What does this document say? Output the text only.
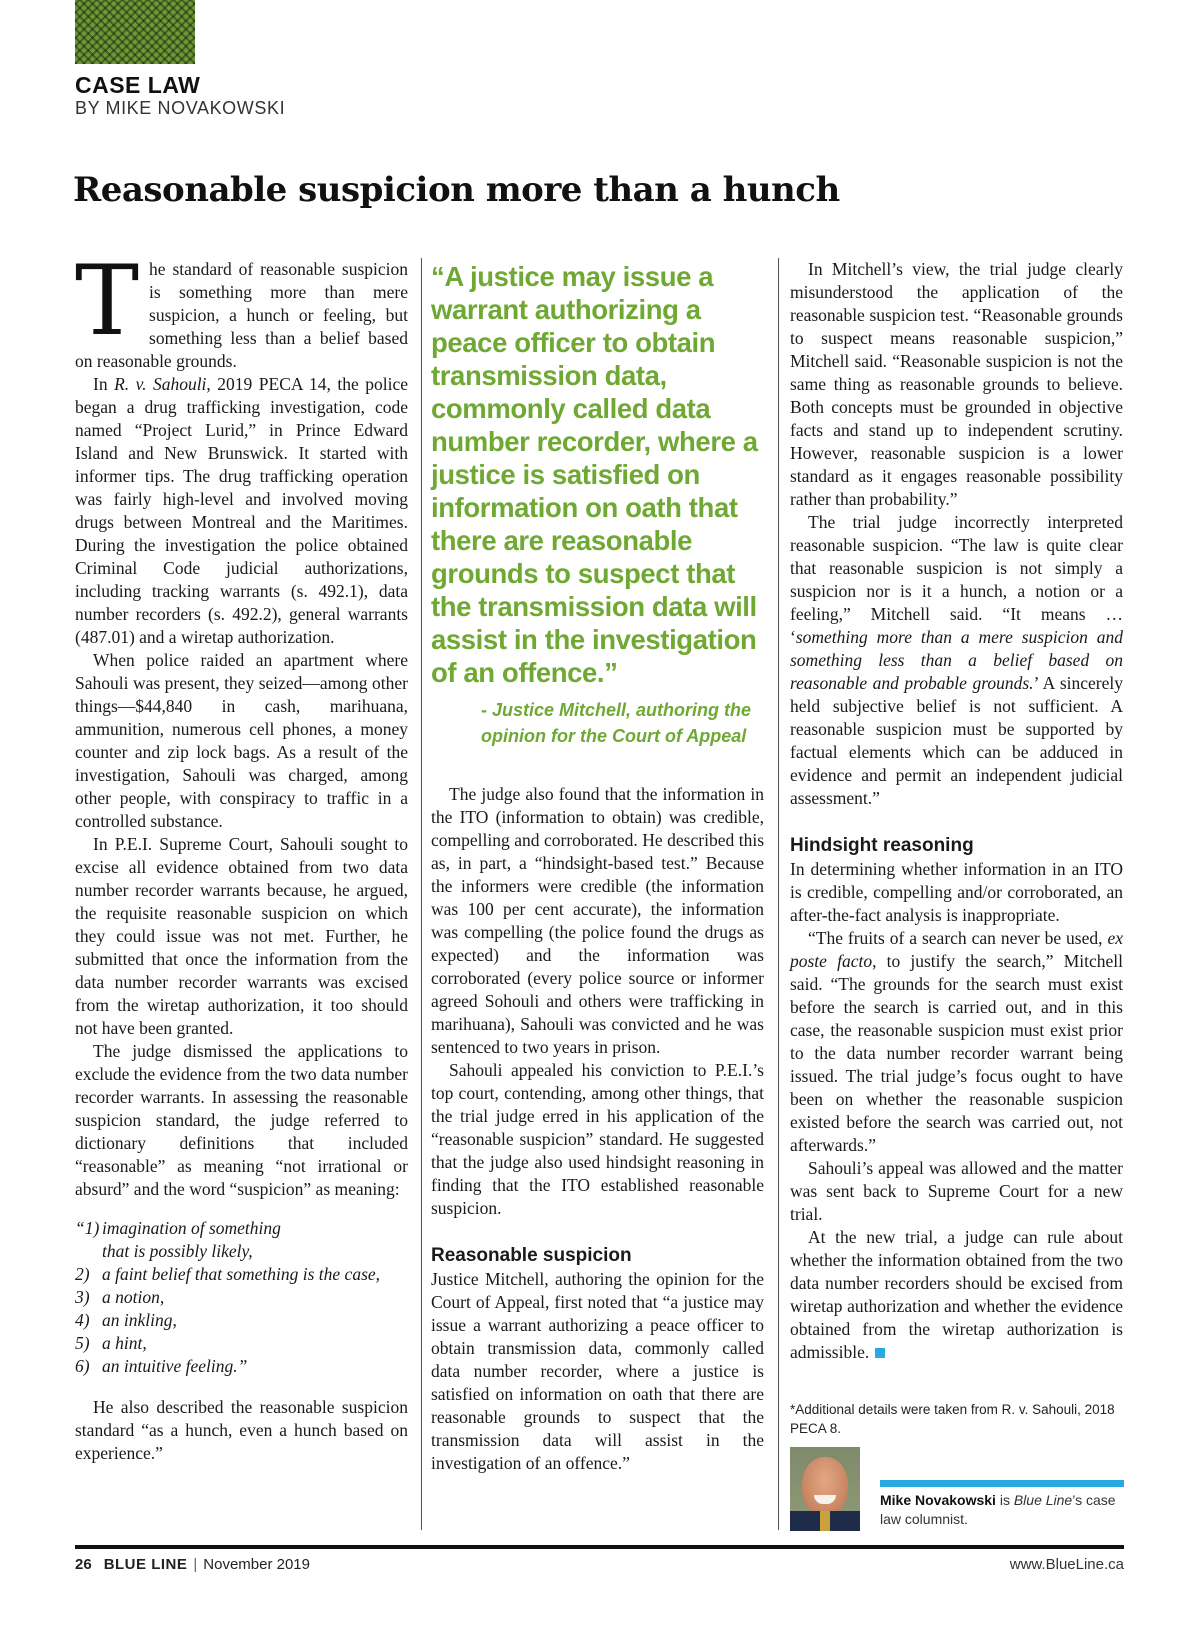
CASE LAW
BY MIKE NOVAKOWSKI
Reasonable suspicion more than a hunch

The standard of reasonable suspicion is something more than mere suspicion, a hunch or feeling, but something less than a belief based on reasonable grounds.

In R. v. Sahouli, 2019 PECA 14, the police began a drug trafficking investigation, code named “Project Lurid,” in Prince Edward Island and New Brunswick. It started with informer tips. The drug trafficking operation was fairly high-level and involved moving drugs between Montreal and the Maritimes. During the investigation the police obtained Criminal Code judicial authorizations, including tracking warrants (s. 492.1), data number recorders (s. 492.2), general warrants (487.01) and a wiretap authorization.

When police raided an apartment where Sahouli was present, they seized—among other things—$44,840 in cash, marihuana, ammunition, numerous cell phones, a money counter and zip lock bags. As a result of the investigation, Sahouli was charged, among other people, with conspiracy to traffic in a controlled substance.

In P.E.I. Supreme Court, Sahouli sought to excise all evidence obtained from two data number recorder warrants because, he argued, the requisite reasonable suspicion on which they could issue was not met. Further, he submitted that once the information from the data number recorder warrants was excised from the wiretap authorization, it too should not have been granted.

The judge dismissed the applications to exclude the evidence from the two data number recorder warrants. In assessing the reasonable suspicion standard, the judge referred to dictionary definitions that included “reasonable” as meaning “not irrational or absurd” and the word “suspicion” as meaning:

“1) imagination of something
that is possibly likely,
2) a faint belief that something is the case,
3) a notion,
4) an inkling,
5) a hint,
6) an intuitive feeling.”

He also described the reasonable suspicion standard “as a hunch, even a hunch based on experience.”

“A justice may issue a warrant authorizing a peace officer to obtain transmission data, commonly called data number recorder, where a justice is satisfied on information on oath that there are reasonable grounds to suspect that the transmission data will assist in the investigation of an offence.”
- Justice Mitchell, authoring the
opinion for the Court of Appeal

The judge also found that the information in the ITO (information to obtain) was credible, compelling and corroborated. He described this as, in part, a “hindsight-based test.” Because the informers were credible (the information was 100 per cent accurate), the information was compelling (the police found the drugs as expected) and the information was corroborated (every police source or informer agreed Sohouli and others were trafficking in marihuana), Sahouli was convicted and he was sentenced to two years in prison.

Sahouli appealed his conviction to P.E.I.’s top court, contending, among other things, that the trial judge erred in his application of the “reasonable suspicion” standard. He suggested that the judge also used hindsight reasoning in finding that the ITO established reasonable suspicion.

Reasonable suspicion

Justice Mitchell, authoring the opinion for the Court of Appeal, first noted that “a justice may issue a warrant authorizing a peace officer to obtain transmission data, commonly called data number recorder, where a justice is satisfied on information on oath that there are reasonable grounds to suspect that the transmission data will assist in the investigation of an offence.”

In Mitchell’s view, the trial judge clearly misunderstood the application of the reasonable suspicion test. “Reasonable grounds to suspect means reasonable suspicion,” Mitchell said. “Reasonable suspicion is not the same thing as reasonable grounds to believe. Both concepts must be grounded in objective facts and stand up to independent scrutiny. However, reasonable suspicion is a lower standard as it engages reasonable possibility rather than probability.”

The trial judge incorrectly interpreted reasonable suspicion. “The law is quite clear that reasonable suspicion is not simply a suspicion nor is it a hunch, a notion or a feeling,” Mitchell said. “It means … ‘something more than a mere suspicion and something less than a belief based on reasonable and probable grounds.’ A sincerely held subjective belief is not sufficient. A reasonable suspicion must be supported by factual elements which can be adduced in evidence and permit an independent judicial assessment.”

Hindsight reasoning

In determining whether information in an ITO is credible, compelling and/or corroborated, an after-the-fact analysis is inappropriate.

“The fruits of a search can never be used, ex poste facto, to justify the search,” Mitchell said. “The grounds for the search must exist before the search is carried out, and in this case, the reasonable suspicion must exist prior to the data number recorder warrant being issued. The trial judge’s focus ought to have been on whether the reasonable suspicion existed before the search was carried out, not afterwards.”

Sahouli’s appeal was allowed and the matter was sent back to Supreme Court for a new trial.

At the new trial, a judge can rule about whether the information obtained from the two data number recorders should be excised from wiretap authorization and whether the evidence obtained from the wiretap authorization is admissible.

*Additional details were taken from R. v. Sahouli, 2018 PECA 8.
Mike Novakowski is Blue Line’s case law columnist.
26 BLUE LINE | November 2019	www.BlueLine.ca
